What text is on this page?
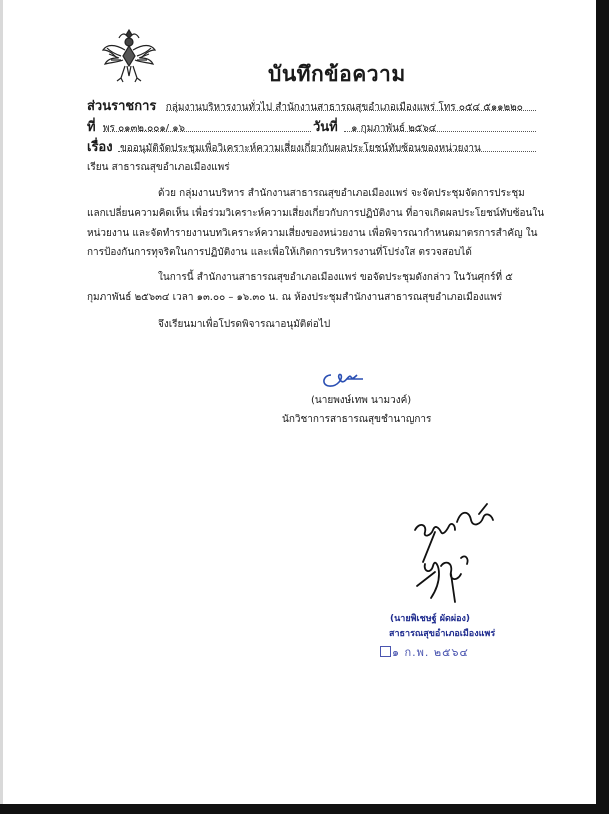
บันทึกข้อความ
ส่วนราชการ กลุ่มงานบริหารงานทั่วไป สำนักงานสาธารณสุขอำเภอเมืองแพร่ โทร ๐๕๔ ๕๑๑๒๒๐
ที่ พร ๐๑๓๒.๐๐๑/ ๑๖	วันที่ ๑ กุมภาพันธ์ ๒๕๖๔
เรื่อง ขออนุมัติจัดประชุมเพื่อวิเคราะห์ความเสี่ยงเกี่ยวกับผลประโยชน์ทับซ้อนของหน่วยงาน
เรียน สาธารณสุขอำเภอเมืองแพร่
ด้วย กลุ่มงานบริหาร สำนักงานสาธารณสุขอำเภอเมืองแพร่ จะจัดประชุมจัดการประชุม
แลกเปลี่ยนความคิดเห็น เพื่อร่วมวิเคราะห์ความเสี่ยงเกี่ยวกับการปฏิบัติงาน ที่อาจเกิดผลประโยชน์ทับซ้อนใน
หน่วยงาน และจัดทำรายงานบทวิเคราะห์ความเสี่ยงของหน่วยงาน เพื่อพิจารณากำหนดมาตรการสำคัญ ใน
การป้องกันการทุจริตในการปฏิบัติงาน และเพื่อให้เกิดการบริหารงานที่โปร่งใส ตรวจสอบได้
ในการนี้ สำนักงานสาธารณสุขอำเภอเมืองแพร่ ขอจัดประชุมดังกล่าว ในวันศุกร์ที่ ๕
กุมภาพันธ์ ๒๕๖๓๔ เวลา ๑๓.๐๐ – ๑๖.๓๐ น. ณ ห้องประชุมสำนักงานสาธารณสุขอำเภอเมืองแพร่
จึงเรียนมาเพื่อโปรดพิจารณาอนุมัติต่อไป
(นายพงษ์เทพ นามวงค์)
นักวิชาการสาธารณสุขชำนาญการ
(นายพิเชษฐ์ ผัดผ่อง)
สาธารณสุขอำเภอเมืองแพร่
๑ ก.พ. ๒๕๖๔
